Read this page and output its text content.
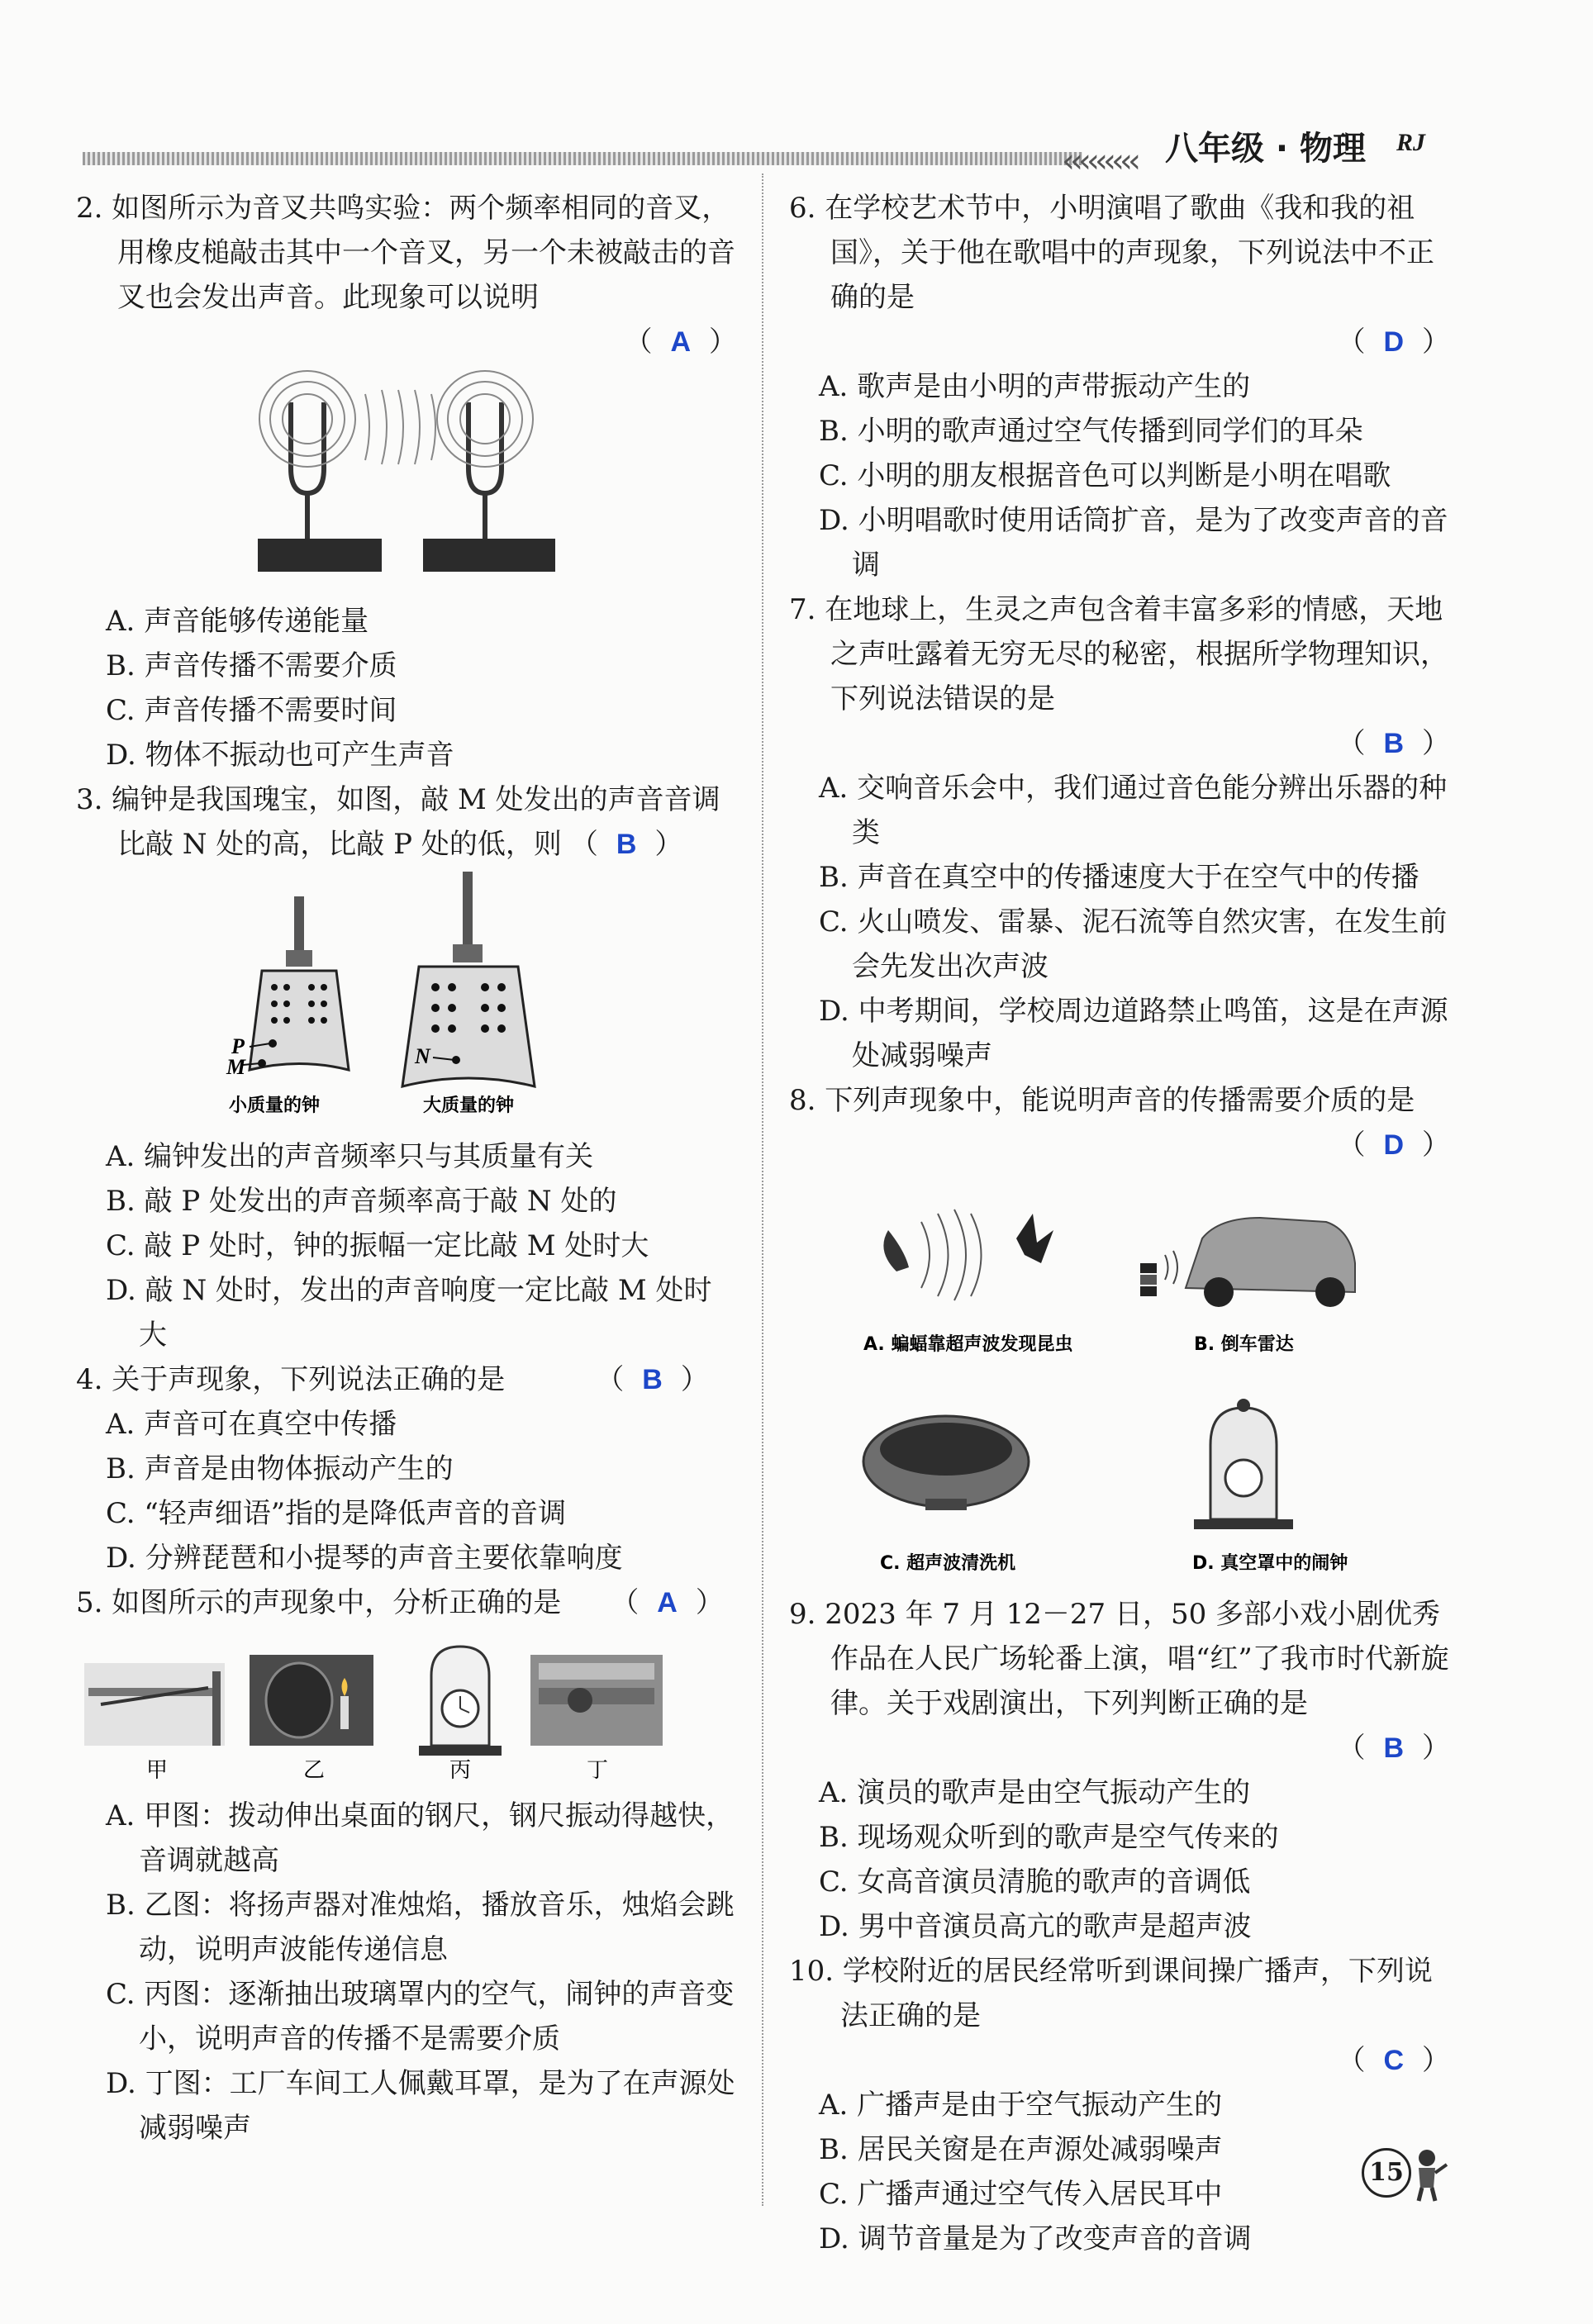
‹‹‹‹‹‹‹‹‹ 八年级 · 物理 RJ
2. 如图所示为音叉共鸣实验：两个频率相同的音叉，用橡皮槌敲击其中一个音叉，另一个未被敲击的音叉也会发出声音。此现象可以说明
（ A ）
A. 声音能够传递能量
B. 声音传播不需要介质
C. 声音传播不需要时间
D. 物体不振动也可产生声音
3. 编钟是我国瑰宝，如图，敲 M 处发出的声音音调比敲 N 处的高，比敲 P 处的低，则 （ B ）
P
M	N
小质量的钟	大质量的钟
A. 编钟发出的声音频率只与其质量有关
B. 敲 P 处发出的声音频率高于敲 N 处的
C. 敲 P 处时，钟的振幅一定比敲 M 处时大
D. 敲 N 处时，发出的声音响度一定比敲 M 处时大
4. 关于声现象，下列说法正确的是	（ B ）
A. 声音可在真空中传播
B. 声音是由物体振动产生的
C. “轻声细语”指的是降低声音的音调
D. 分辨琵琶和小提琴的声音主要依靠响度
5. 如图所示的声现象中，分析正确的是 （ A ）
甲	乙	丙	丁
A. 甲图：拨动伸出桌面的钢尺，钢尺振动得越快，音调就越高
B. 乙图：将扬声器对准烛焰，播放音乐，烛焰会跳动，说明声波能传递信息
C. 丙图：逐渐抽出玻璃罩内的空气，闹钟的声音变小，说明声音的传播不是需要介质
D. 丁图：工厂车间工人佩戴耳罩，是为了在声源处减弱噪声
6. 在学校艺术节中，小明演唱了歌曲《我和我的祖国》，关于他在歌唱中的声现象，下列说法中不正确的是
（ D ）
A. 歌声是由小明的声带振动产生的
B. 小明的歌声通过空气传播到同学们的耳朵
C. 小明的朋友根据音色可以判断是小明在唱歌
D. 小明唱歌时使用话筒扩音，是为了改变声音的音调
7. 在地球上，生灵之声包含着丰富多彩的情感，天地之声吐露着无穷无尽的秘密，根据所学物理知识，下列说法错误的是
（ B ）
A. 交响音乐会中，我们通过音色能分辨出乐器的种类
B. 声音在真空中的传播速度大于在空气中的传播
C. 火山喷发、雷暴、泥石流等自然灾害，在发生前会先发出次声波
D. 中考期间，学校周边道路禁止鸣笛，这是在声源处减弱噪声
8. 下列声现象中，能说明声音的传播需要介质的是
（ D ）
A. 蝙蝠靠超声波发现昆虫	B. 倒车雷达
C. 超声波清洗机	D. 真空罩中的闹钟
9. 2023 年 7 月 12－27 日，50 多部小戏小剧优秀作品在人民广场轮番上演，唱“红”了我市时代新旋律。关于戏剧演出，下列判断正确的是
（ B ）
A. 演员的歌声是由空气振动产生的
B. 现场观众听到的歌声是空气传来的
C. 女高音演员清脆的歌声的音调低
D. 男中音演员高亢的歌声是超声波
10. 学校附近的居民经常听到课间操广播声，下列说法正确的是
（ C ）
A. 广播声是由于空气振动产生的
B. 居民关窗是在声源处减弱噪声
C. 广播声通过空气传入居民耳中
D. 调节音量是为了改变声音的音调
15
